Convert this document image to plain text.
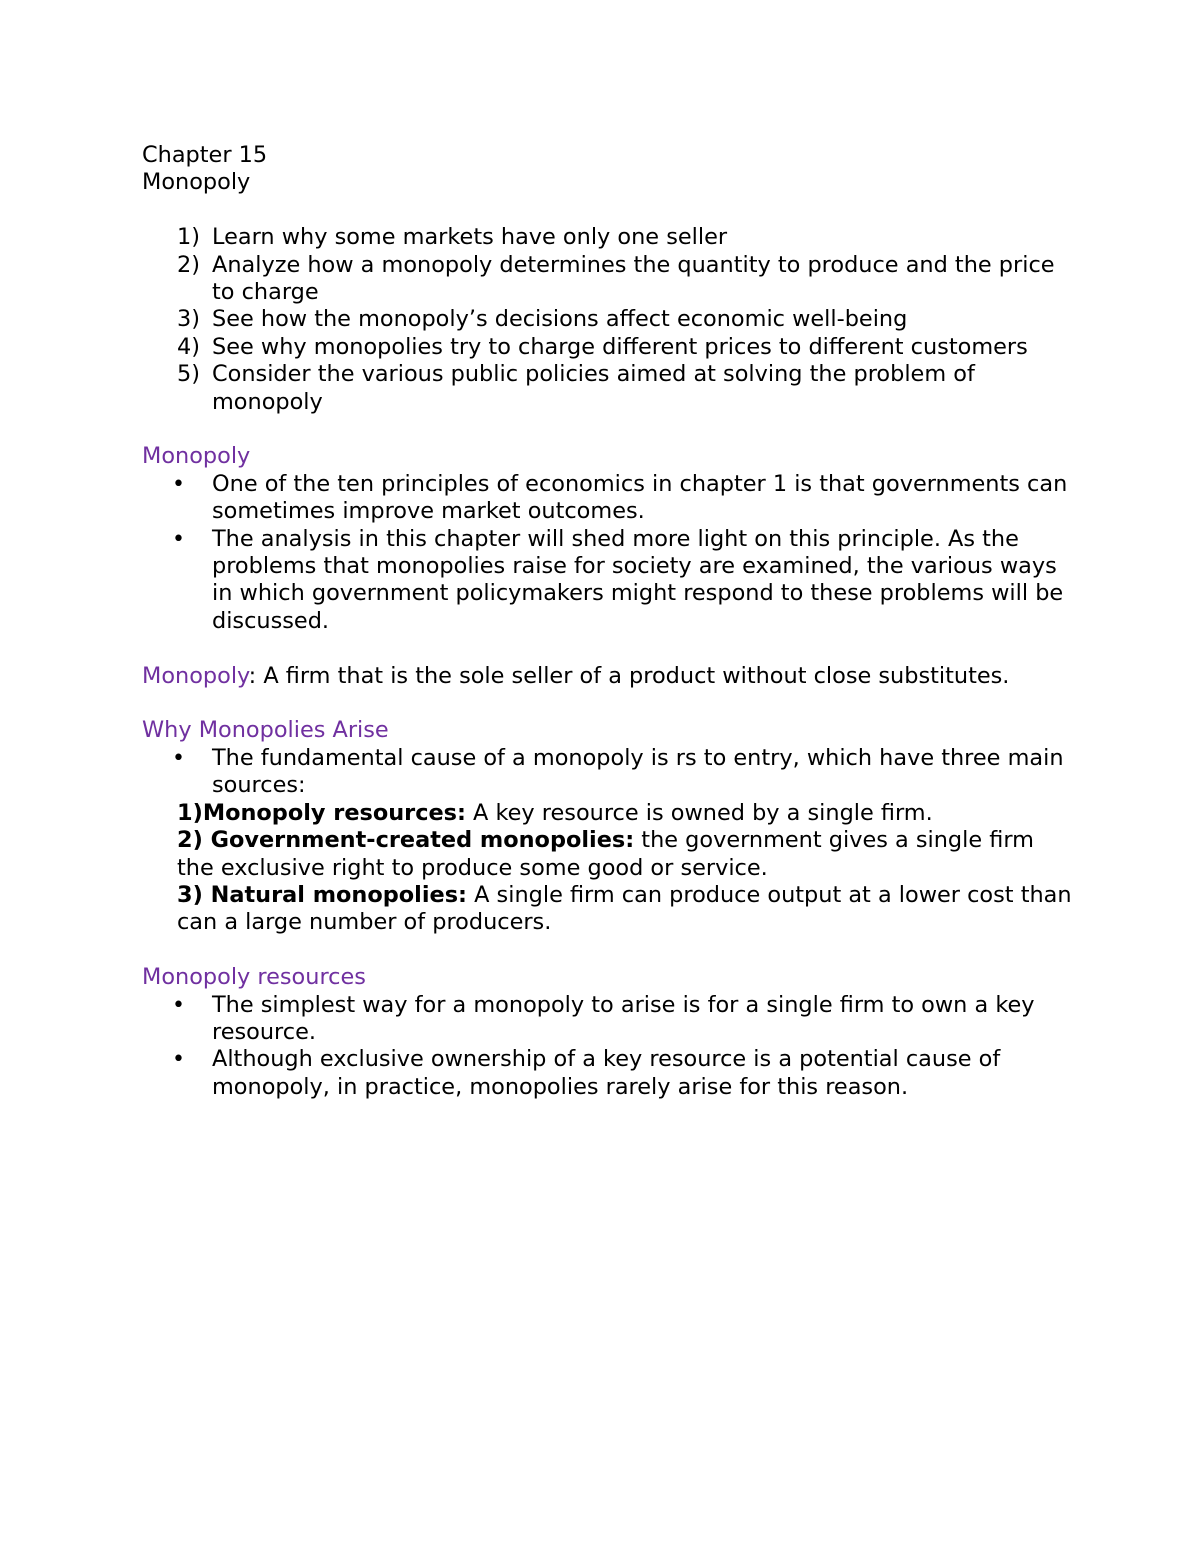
Chapter 15
Monopoly
1) Learn why some markets have only one seller
2) Analyze how a monopoly determines the quantity to produce and the price to charge
3) See how the monopoly’s decisions affect economic well-being
4) See why monopolies try to charge different prices to different customers
5) Consider the various public policies aimed at solving the problem of monopoly
Monopoly
• One of the ten principles of economics in chapter 1 is that governments can sometimes improve market outcomes.
• The analysis in this chapter will shed more light on this principle. As the problems that monopolies raise for society are examined, the various ways in which government policymakers might respond to these problems will be discussed.
Monopoly: A firm that is the sole seller of a product without close substitutes.
Why Monopolies Arise
• The fundamental cause of a monopoly is rs to entry, which have three main sources:
1)Monopoly resources: A key resource is owned by a single firm.
2) Government-created monopolies: the government gives a single firm the exclusive right to produce some good or service.
3) Natural monopolies: A single firm can produce output at a lower cost than can a large number of producers.
Monopoly resources
• The simplest way for a monopoly to arise is for a single firm to own a key resource.
• Although exclusive ownership of a key resource is a potential cause of monopoly, in practice, monopolies rarely arise for this reason.
